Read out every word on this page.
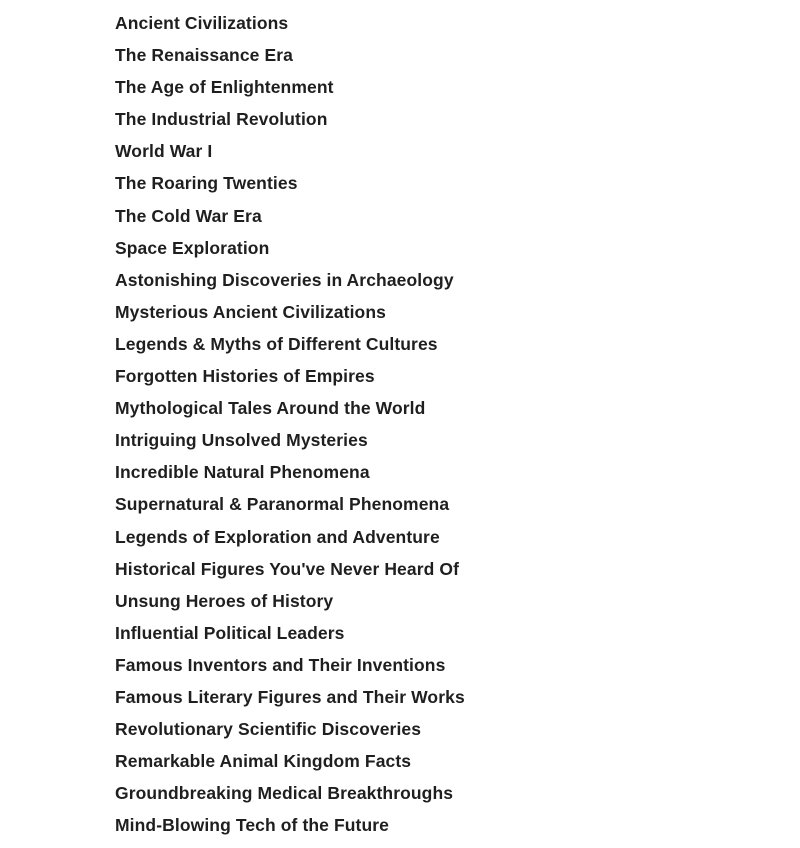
Ancient Civilizations
The Renaissance Era
The Age of Enlightenment
The Industrial Revolution
World War I
The Roaring Twenties
The Cold War Era
Space Exploration
Astonishing Discoveries in Archaeology
Mysterious Ancient Civilizations
Legends & Myths of Different Cultures
Forgotten Histories of Empires
Mythological Tales Around the World
Intriguing Unsolved Mysteries
Incredible Natural Phenomena
Supernatural & Paranormal Phenomena
Legends of Exploration and Adventure
Historical Figures You've Never Heard Of
Unsung Heroes of History
Influential Political Leaders
Famous Inventors and Their Inventions
Famous Literary Figures and Their Works
Revolutionary Scientific Discoveries
Remarkable Animal Kingdom Facts
Groundbreaking Medical Breakthroughs
Mind-Blowing Tech of the Future
